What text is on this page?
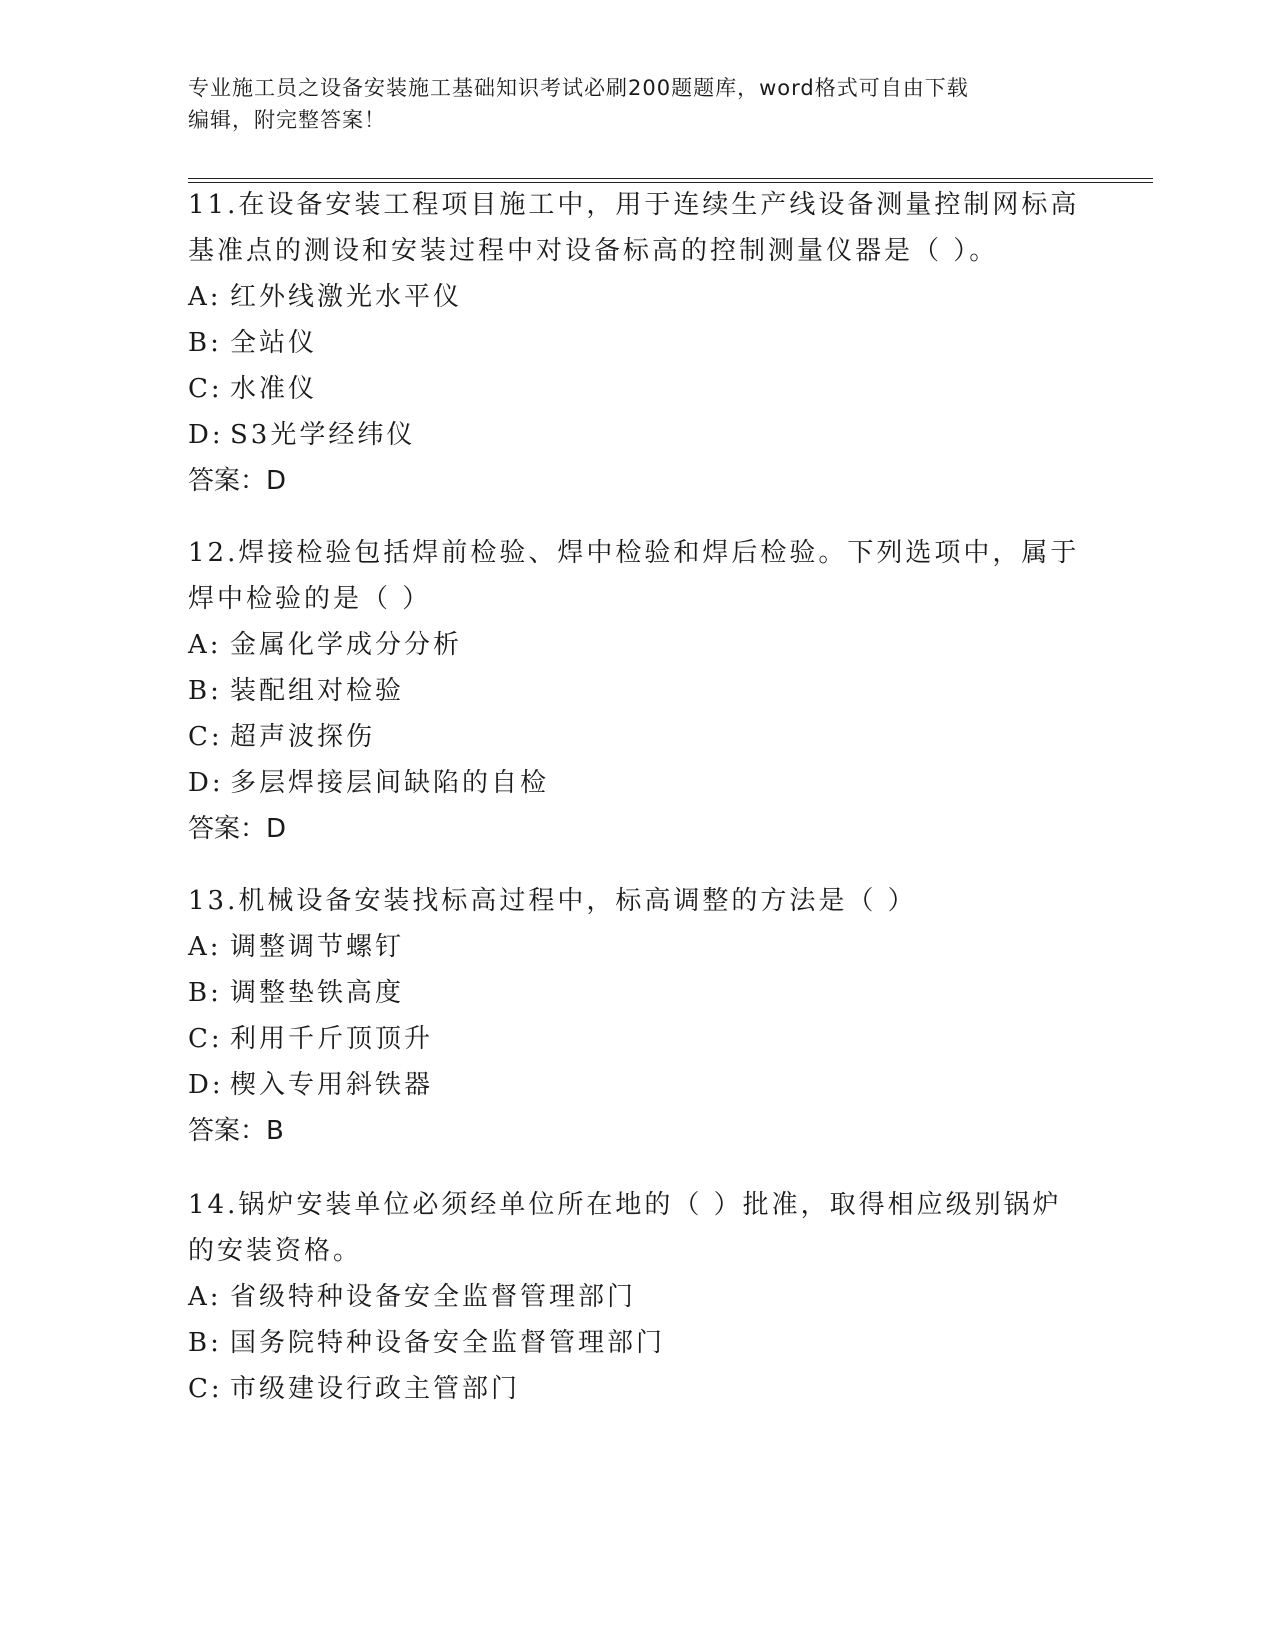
专业施工员之设备安装施工基础知识考试必刷200题题库，word格式可自由下载
编辑，附完整答案！

11.在设备安装工程项目施工中，用于连续生产线设备测量控制网标高基准点的测设和安装过程中对设备标高的控制测量仪器是（ ）。

A: 红外线激光水平仪

B: 全站仪

C: 水准仪

D: S3光学经纬仪

答案：D

12.焊接检验包括焊前检验、焊中检验和焊后检验。下列选项中，属于焊中检验的是（ ）

A: 金属化学成分分析

B: 装配组对检验

C: 超声波探伤

D: 多层焊接层间缺陷的自检

答案：D

13.机械设备安装找标高过程中，标高调整的方法是（ ）

A: 调整调节螺钉

B: 调整垫铁高度

C: 利用千斤顶顶升

D: 楔入专用斜铁器

答案：B

14.锅炉安装单位必须经单位所在地的（ ）批准，取得相应级别锅炉的安装资格。

A: 省级特种设备安全监督管理部门

B: 国务院特种设备安全监督管理部门

C: 市级建设行政主管部门
